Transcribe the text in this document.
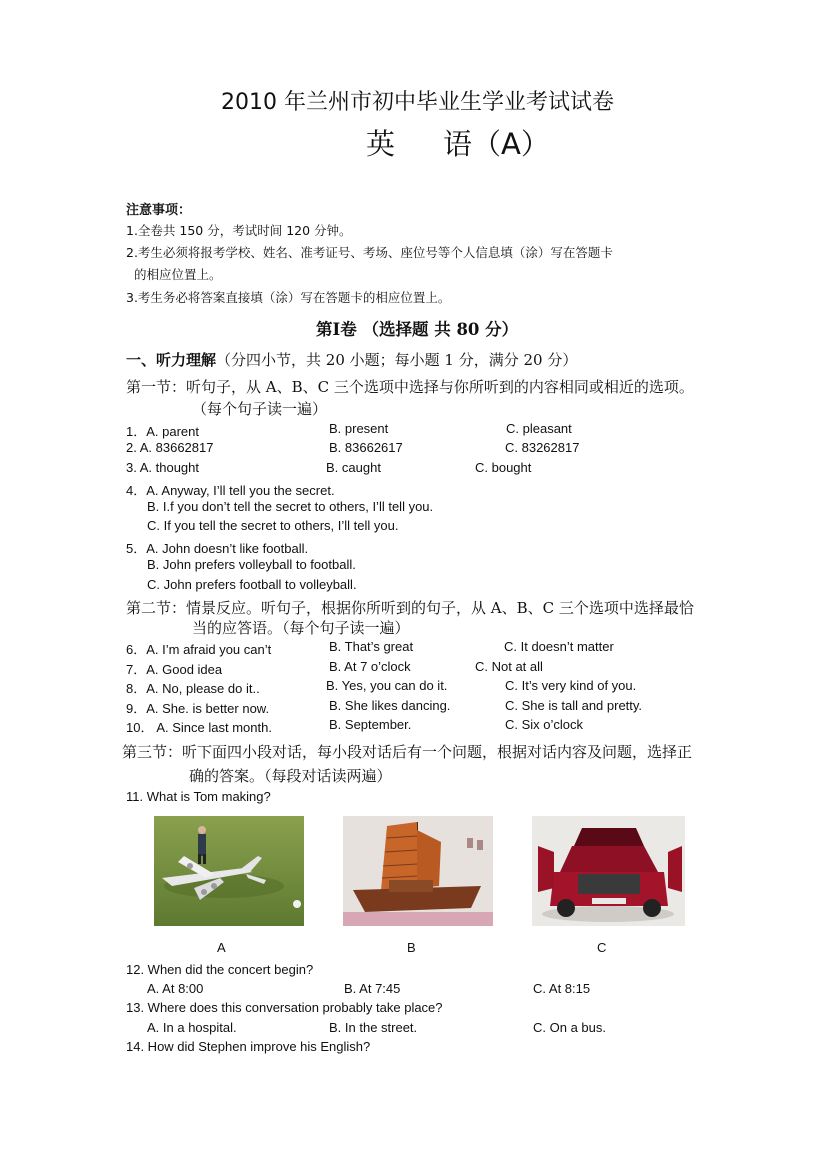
2010 年兰州市初中毕业生学业考试试卷
英 语（A）
注意事项：
1.全卷共 150 分，考试时间 120 分钟。
2.考生必须将报考学校、姓名、准考证号、考场、座位号等个人信息填（涂）写在答题卡
的相应位置上。
3.考生务必将答案直接填（涂）写在答题卡的相应位置上。
第Ⅰ卷 （选择题 共 80 分）
一、听力理解（分四小节，共 20 小题；每小题 1 分，满分 20 分）
第一节：听句子，从 A、B、C 三个选项中选择与你所听到的内容相同或相近的选项。
（每个句子读一遍）
1．A. parent	B. present	C. pleasant
2. A. 83662817	B. 83662617	C. 83262817
3. A. thought	B. caught	C. bought
4．A. Anyway, I’ll tell you the secret.
B. I.f you don’t tell the secret to others, I’ll tell you.
C. If you tell the secret to others, I’ll tell you.
5．A. John doesn’t like football.
B. John prefers volleyball to football.
C. John prefers football to volleyball.
第二节：情景反应。听句子，根据你所听到的句子，从 A、B、C 三个选项中选择最恰
当的应答语。（每个句子读一遍）
6．A. I’m afraid you can’t	B. That’s great	C. It doesn’t matter
7．A. Good idea	B. At 7 o’clock	C. Not at all
8．A. No, please do it..	B. Yes, you can do it.	C. It’s very kind of you.
9．A. She. is better now.	B. She likes dancing.	C. She is tall and pretty.
10． A. Since last month.	B. September.	C. Six o’clock
第三节：听下面四小段对话，每小段对话后有一个问题，根据对话内容及问题，选择正
确的答案。（每段对话读两遍）
11. What is Tom making?
A	B	C
12. When did the concert begin?
A. At 8:00	B. At 7:45	C. At 8:15
13. Where does this conversation probably take place?
A. In a hospital.	B. In the street.	C. On a bus.
14. How did Stephen improve his English?
